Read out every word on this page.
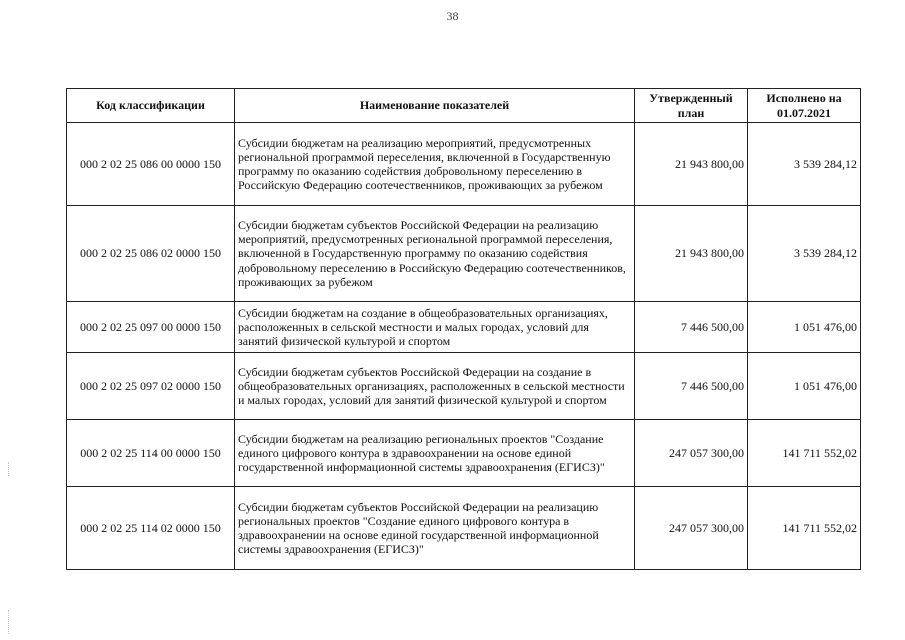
38
Код классификации	Наименование показателей	Утвержденный план	Исполнено на 01.07.2021
000 2 02 25 086 00 0000 150	Субсидии бюджетам на реализацию мероприятий, предусмотренных региональной программой переселения, включенной в Государственную программу по оказанию содействия добровольному переселению в Российскую Федерацию соотечественников, проживающих за рубежом	21 943 800,00	3 539 284,12
000 2 02 25 086 02 0000 150	Субсидии бюджетам субъектов Российской Федерации на реализацию мероприятий, предусмотренных региональной программой переселения, включенной в Государственную программу по оказанию содействия добровольному переселению в Российскую Федерацию соотечественников, проживающих за рубежом	21 943 800,00	3 539 284,12
000 2 02 25 097 00 0000 150	Субсидии бюджетам на создание в общеобразовательных организациях, расположенных в сельской местности и малых городах, условий для занятий физической культурой и спортом	7 446 500,00	1 051 476,00
000 2 02 25 097 02 0000 150	Субсидии бюджетам субъектов Российской Федерации на создание в общеобразовательных организациях, расположенных в сельской местности и малых городах, условий для занятий физической культурой и спортом	7 446 500,00	1 051 476,00
000 2 02 25 114 00 0000 150	Субсидии бюджетам на реализацию региональных проектов "Создание единого цифрового контура в здравоохранении на основе единой государственной информационной системы здравоохранения (ЕГИСЗ)"	247 057 300,00	141 711 552,02
000 2 02 25 114 02 0000 150	Субсидии бюджетам субъектов Российской Федерации на реализацию региональных проектов "Создание единого цифрового контура в здравоохранении на основе единой государственной информационной системы здравоохранения (ЕГИСЗ)"	247 057 300,00	141 711 552,02
